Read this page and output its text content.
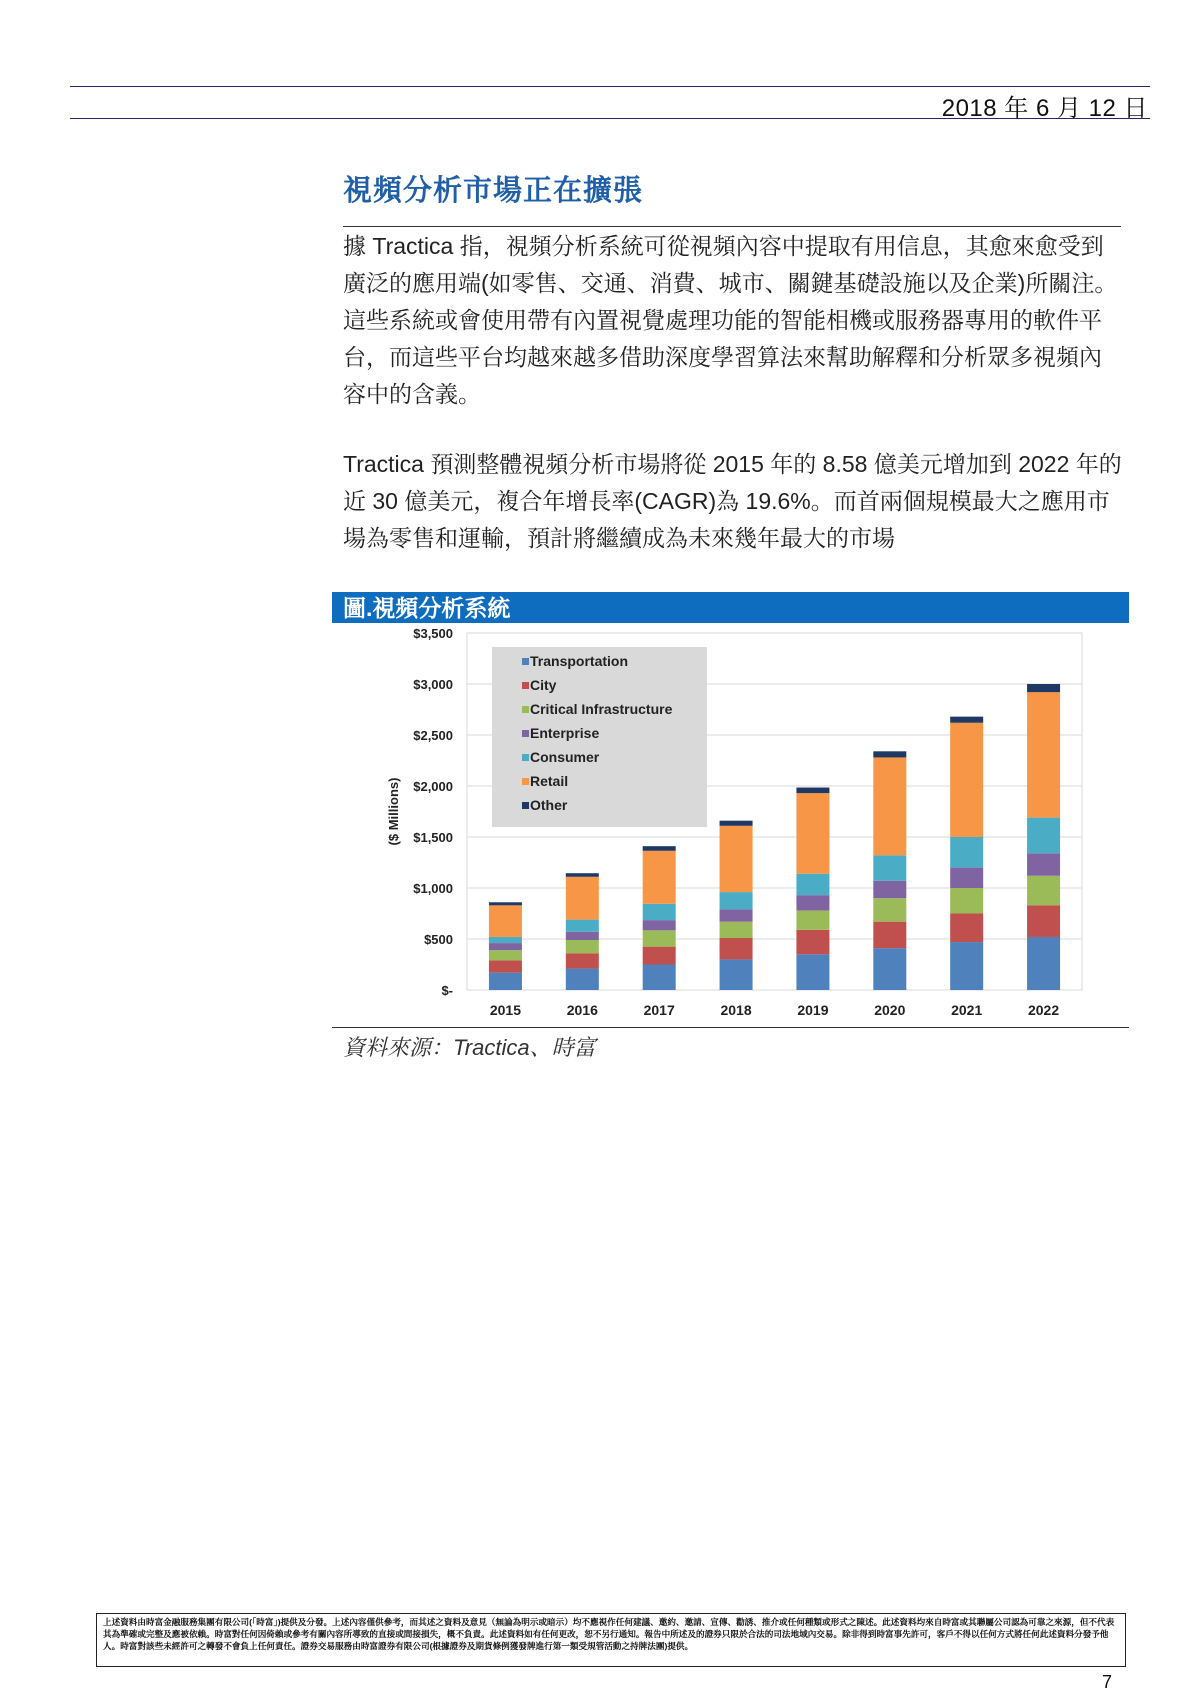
2018 年 6 月 12 日
視頻分析市場正在擴張

據 Tractica 指，視頻分析系統可從視頻內容中提取有用信息，其愈來愈受到廣泛的應用端(如零售、交通、消費、城市、關鍵基礎設施以及企業)所關注。這些系統或會使用帶有內置視覺處理功能的智能相機或服務器專用的軟件平台，而這些平台均越來越多借助深度學習算法來幫助解釋和分析眾多視頻內容中的含義。

Tractica 預測整體視頻分析市場將從 2015 年的 8.58 億美元增加到 2022 年的近 30 億美元，複合年增長率(CAGR)為 19.6%。而首兩個規模最大之應用市場為零售和運輸，預計將繼續成為未來幾年最大的市場

圖.視頻分析系統
$-
$500
$1,000
$1,500
$2,000
$2,500
$3,000
$3,500
($ Millions)
2015	2016	2017	2018	2019	2020	2021	2022
Transportation
City
Critical Infrastructure
Enterprise
Consumer
Retail
Other
資料來源：Tractica、時富
上述資料由時富金融服務集團有限公司(「時富」)提供及分發。上述內容僅供參考，而其述之資料及意見（無論為明示或暗示）均不應視作任何建議、邀約、邀請、宣傳、勸誘、推介或任何種類或形式之陳述。此述資料均來自時富或其聯屬公司認為可靠之來源，但不代表其為準確或完整及應被依賴。時富對任何因倚賴或參考有關內容所導致的直接或間接損失，概不負責。此述資料如有任何更改，恕不另行通知。報告中所述及的證券只限於合法的司法地域內交易。除非得到時富事先許可，客戶不得以任何方式將任何此述資料分發予他人。時富對該些未經許可之轉發不會負上任何責任。證券交易服務由時富證券有限公司(根據證券及期貨條例獲發牌進行第一類受規管活動之持牌法團)提供。
7
